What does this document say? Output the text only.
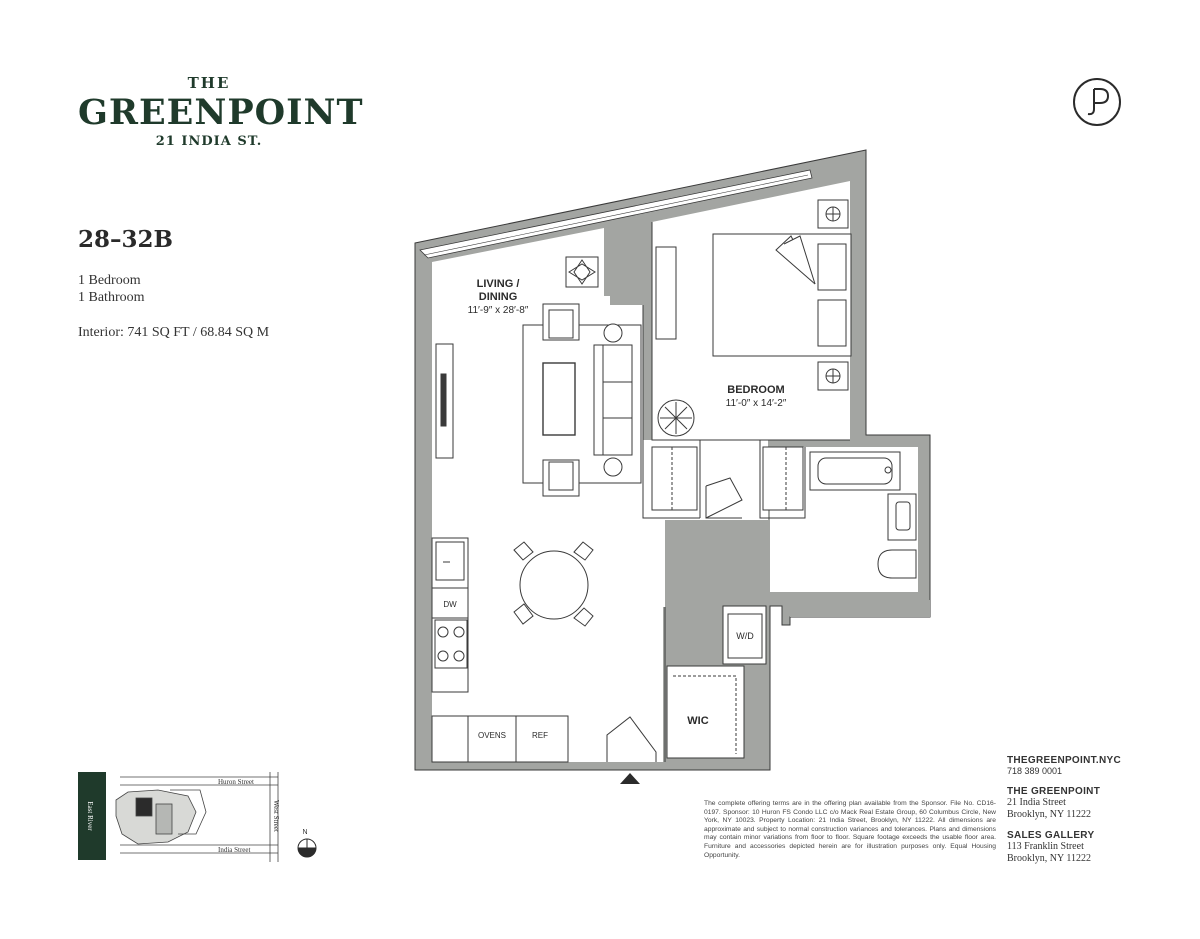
THE
GREENPOINT
21 INDIA ST.
28–32B
1 Bedroom
1 Bathroom
Interior: 741 SQ FT / 68.84 SQ M
LIVING /
DINING
11′-9″ x 28′-8″
BEDROOM
11′-0″ x 14′-2″
WIC
W/D
DW
OVENS	REF
East River
Huron Street
India Street
West Street
N
THEGREENPOINT.NYC
718 389 0001
THE GREENPOINT
21 India Street
Brooklyn, NY 11222
SALES GALLERY
113 Franklin Street
Brooklyn, NY 11222
The complete offering terms are in the offering plan available from the Sponsor. File No. CD16-0197. Sponsor: 10 Huron FS Condo LLC c/o Mack Real Estate Group, 60 Columbus Circle, New York, NY 10023. Property Location: 21 India Street, Brooklyn, NY 11222. All dimensions are approximate and subject to normal construction variances and tolerances. Plans and dimensions may contain minor variations from floor to floor. Square footage exceeds the usable floor area. Furniture and accessories depicted herein are for illustration purposes only. Equal Housing Opportunity.
